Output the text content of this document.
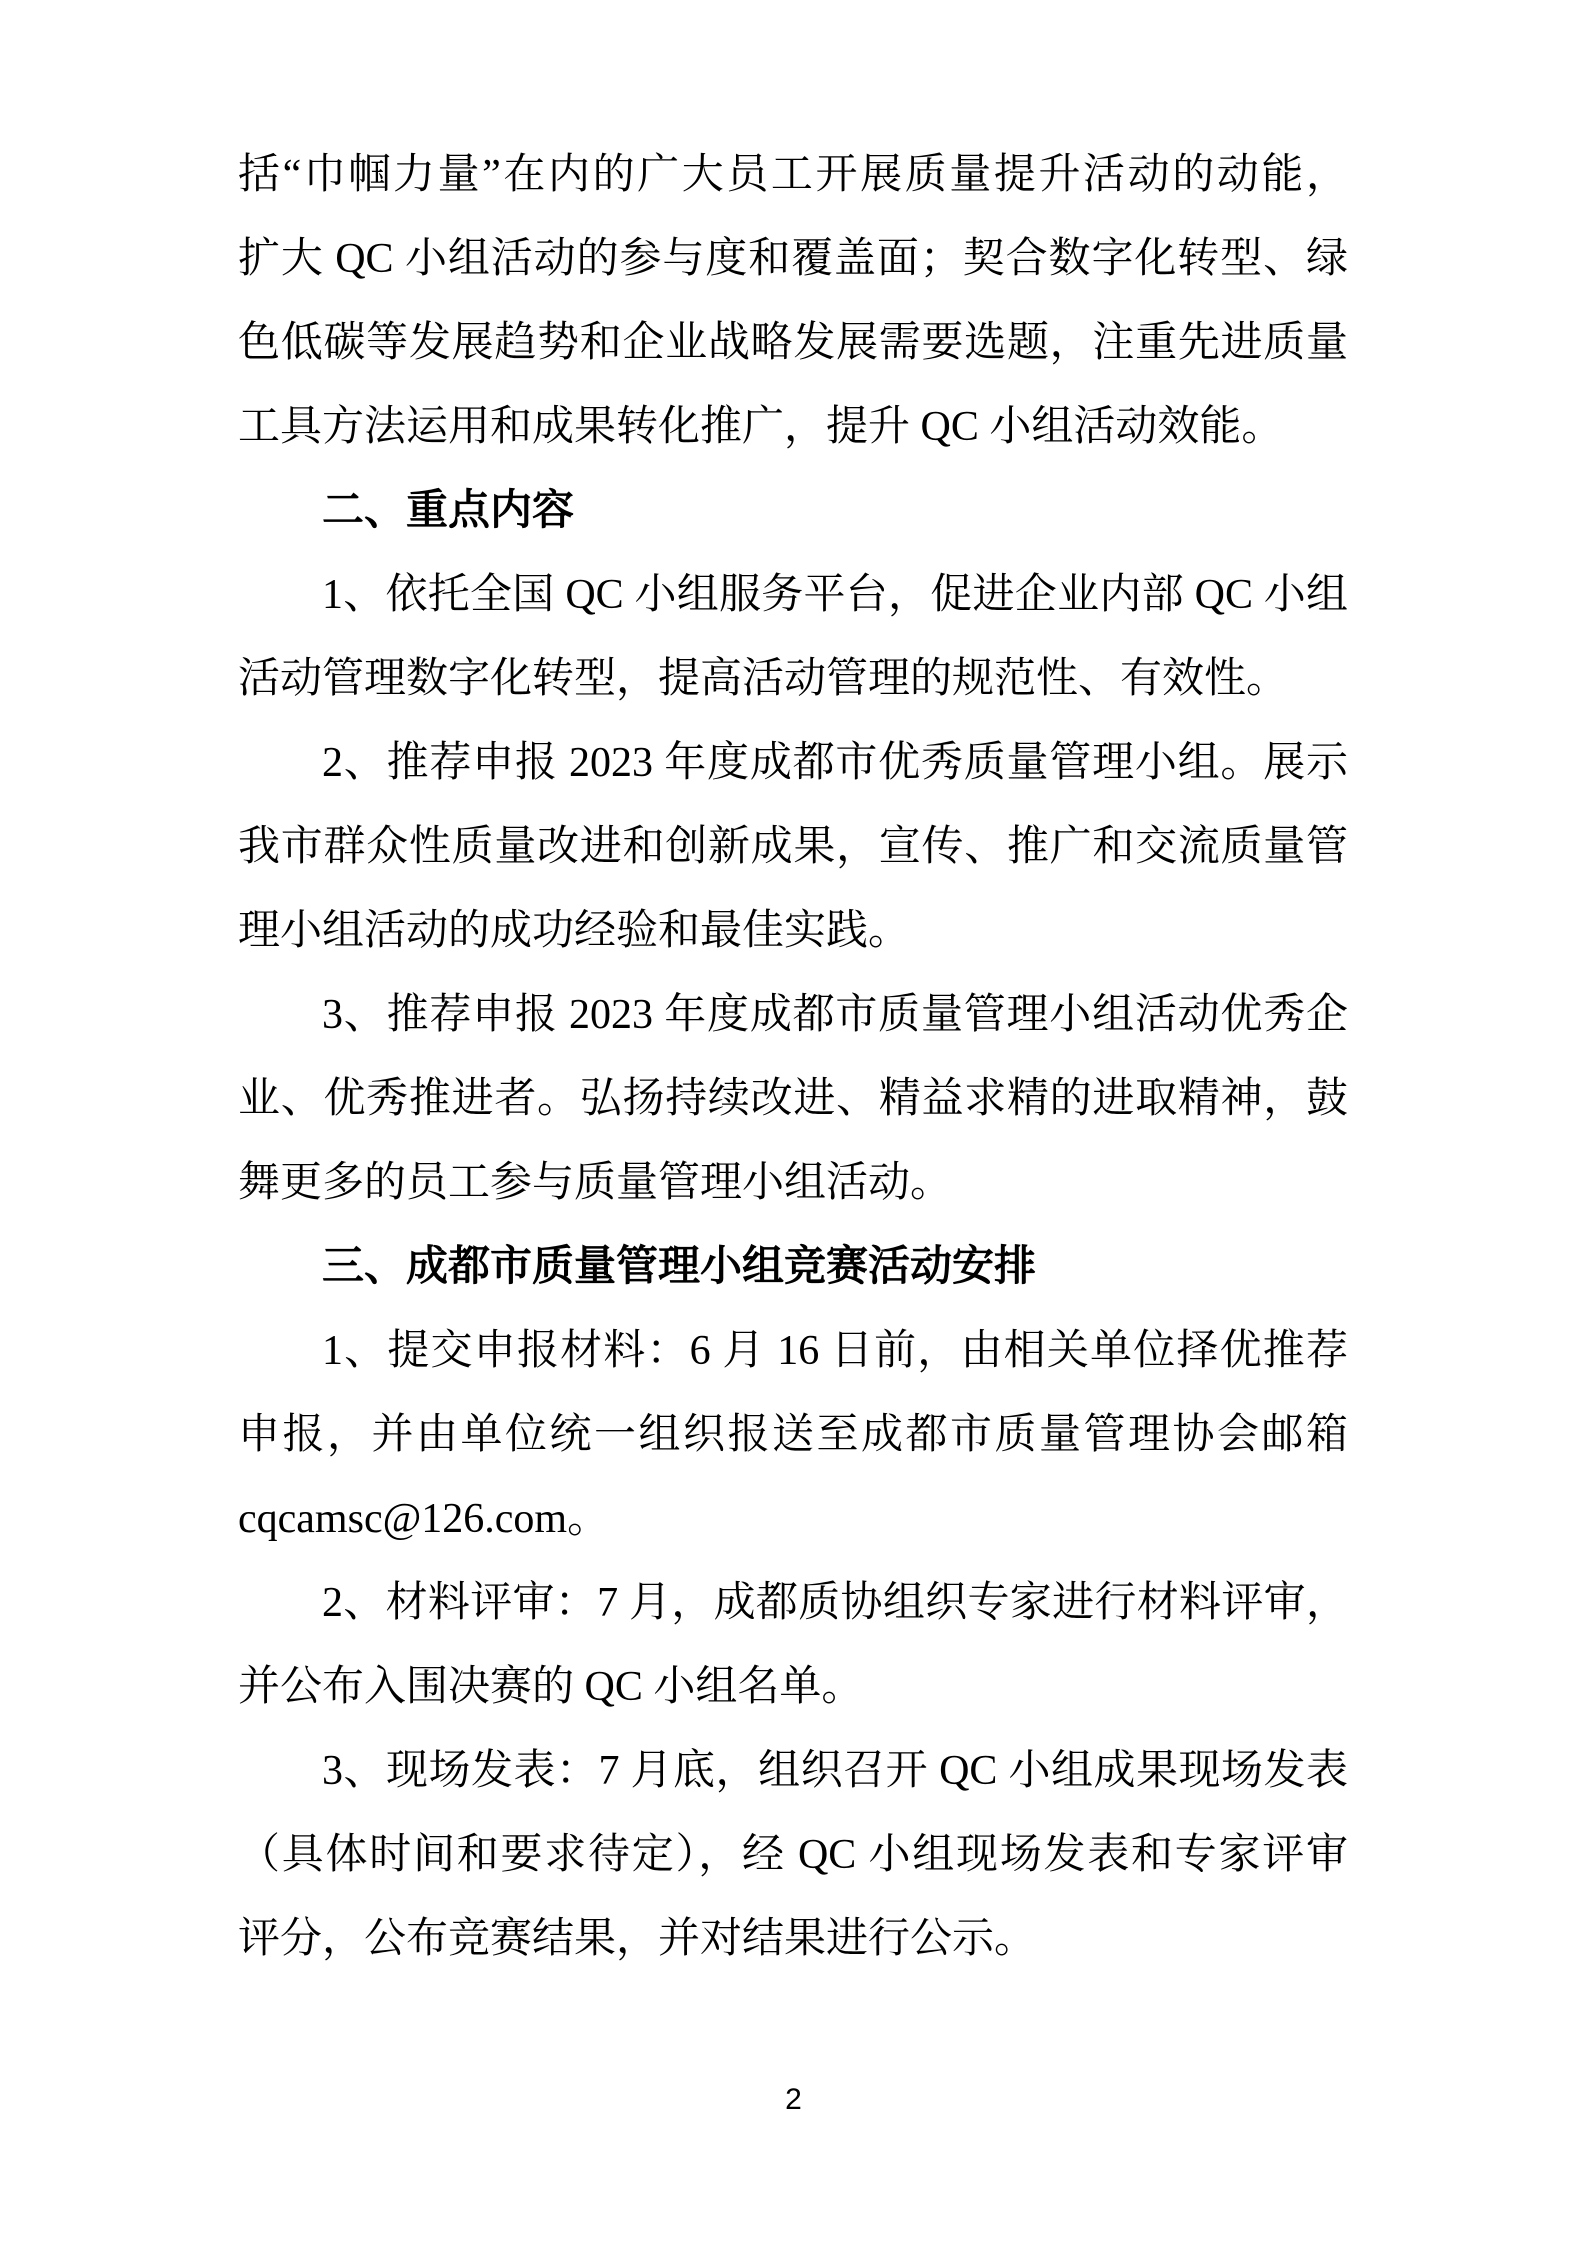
括“巾帼力量”在内的广大员工开展质量提升活动的动能，
扩大 QC 小组活动的参与度和覆盖面；契合数字化转型、绿
色低碳等发展趋势和企业战略发展需要选题，注重先进质量
工具方法运用和成果转化推广，提升 QC 小组活动效能。
二、重点内容
1、依托全国 QC 小组服务平台，促进企业内部 QC 小组
活动管理数字化转型，提高活动管理的规范性、有效性。
2、推荐申报 2023 年度成都市优秀质量管理小组。展示
我市群众性质量改进和创新成果，宣传、推广和交流质量管
理小组活动的成功经验和最佳实践。
3、推荐申报 2023 年度成都市质量管理小组活动优秀企
业、优秀推进者。弘扬持续改进、精益求精的进取精神，鼓
舞更多的员工参与质量管理小组活动。
三、成都市质量管理小组竞赛活动安排
1、提交申报材料：6 月 16 日前，由相关单位择优推荐
申报，并由单位统一组织报送至成都市质量管理协会邮箱
cqcamsc@126.com。
2、材料评审：7 月，成都质协组织专家进行材料评审，
并公布入围决赛的 QC 小组名单。
3、现场发表：7 月底，组织召开 QC 小组成果现场发表
（具体时间和要求待定），经 QC 小组现场发表和专家评审
评分，公布竞赛结果，并对结果进行公示。
2
